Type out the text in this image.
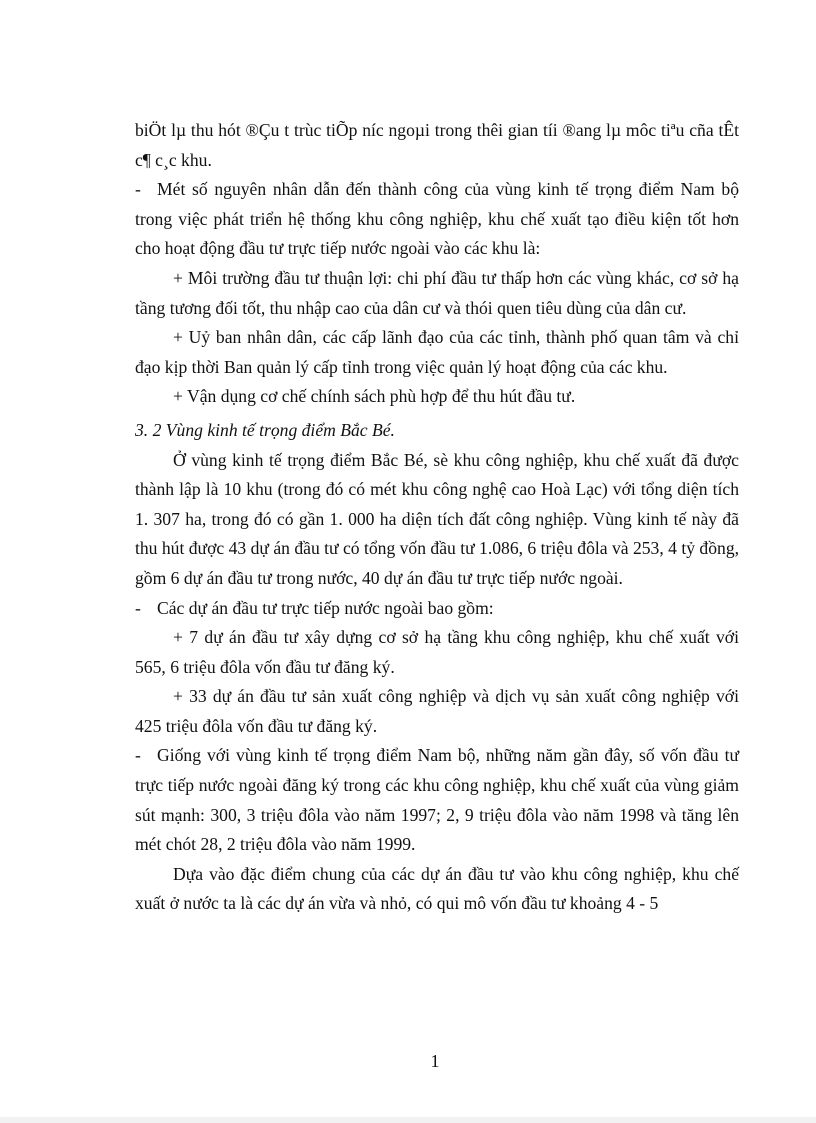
biÖt lµ thu hót ®Çu t trùc tiÕp níc ngoµi trong thêi gian tíi ®ang lµ môc tiªu cña tÊt c¶ c¸c khu.

- Mét số nguyên nhân dẫn đến thành công của vùng kinh tế trọng điểm Nam bộ trong việc phát triển hệ thống khu công nghiệp, khu chế xuất tạo điều kiện tốt hơn cho hoạt động đầu tư trực tiếp nước ngoài vào các khu là:

+ Môi trường đầu tư thuận lợi: chi phí đầu tư thấp hơn các vùng khác, cơ sở hạ tầng tương đối tốt, thu nhập cao của dân cư và thói quen tiêu dùng của dân cư.

+ Uỷ ban nhân dân, các cấp lãnh đạo của các tỉnh, thành phố quan tâm và chỉ đạo kịp thời Ban quản lý cấp tỉnh trong việc quản lý hoạt động của các khu.

+ Vận dụng cơ chế chính sách phù hợp để thu hút đầu tư.

3. 2 Vùng kinh tế trọng điểm Bắc Bé.

Ở vùng kinh tế trọng điểm Bắc Bé, sè khu công nghiệp, khu chế xuất đã được thành lập là 10 khu (trong đó có mét khu công nghệ cao Hoà Lạc) với tổng diện tích 1. 307 ha, trong đó có gần 1. 000 ha diện tích đất công nghiệp. Vùng kinh tế này đã thu hút được 43 dự án đầu tư có tổng vốn đầu tư 1.086, 6 triệu đôla và 253, 4 tỷ đồng, gồm 6 dự án đầu tư trong nước, 40 dự án đầu tư trực tiếp nước ngoài.

- Các dự án đầu tư trực tiếp nước ngoài bao gồm:

+ 7 dự án đầu tư xây dựng cơ sở hạ tầng khu công nghiệp, khu chế xuất với 565, 6 triệu đôla vốn đầu tư đăng ký.

+ 33 dự án đầu tư sản xuất công nghiệp và dịch vụ sản xuất công nghiệp với 425 triệu đôla vốn đầu tư đăng ký.

- Giống với vùng kinh tế trọng điểm Nam bộ, những năm gần đây, số vốn đầu tư trực tiếp nước ngoài đăng ký trong các khu công nghiệp, khu chế xuất của vùng giảm sút mạnh: 300, 3 triệu đôla vào năm 1997; 2, 9 triệu đôla vào năm 1998 và tăng lên mét chót 28, 2 triệu đôla vào năm 1999.

Dựa vào đặc điểm chung của các dự án đầu tư vào khu công nghiệp, khu chế xuất ở nước ta là các dự án vừa và nhỏ, có qui mô vốn đầu tư khoảng 4 - 5

1
